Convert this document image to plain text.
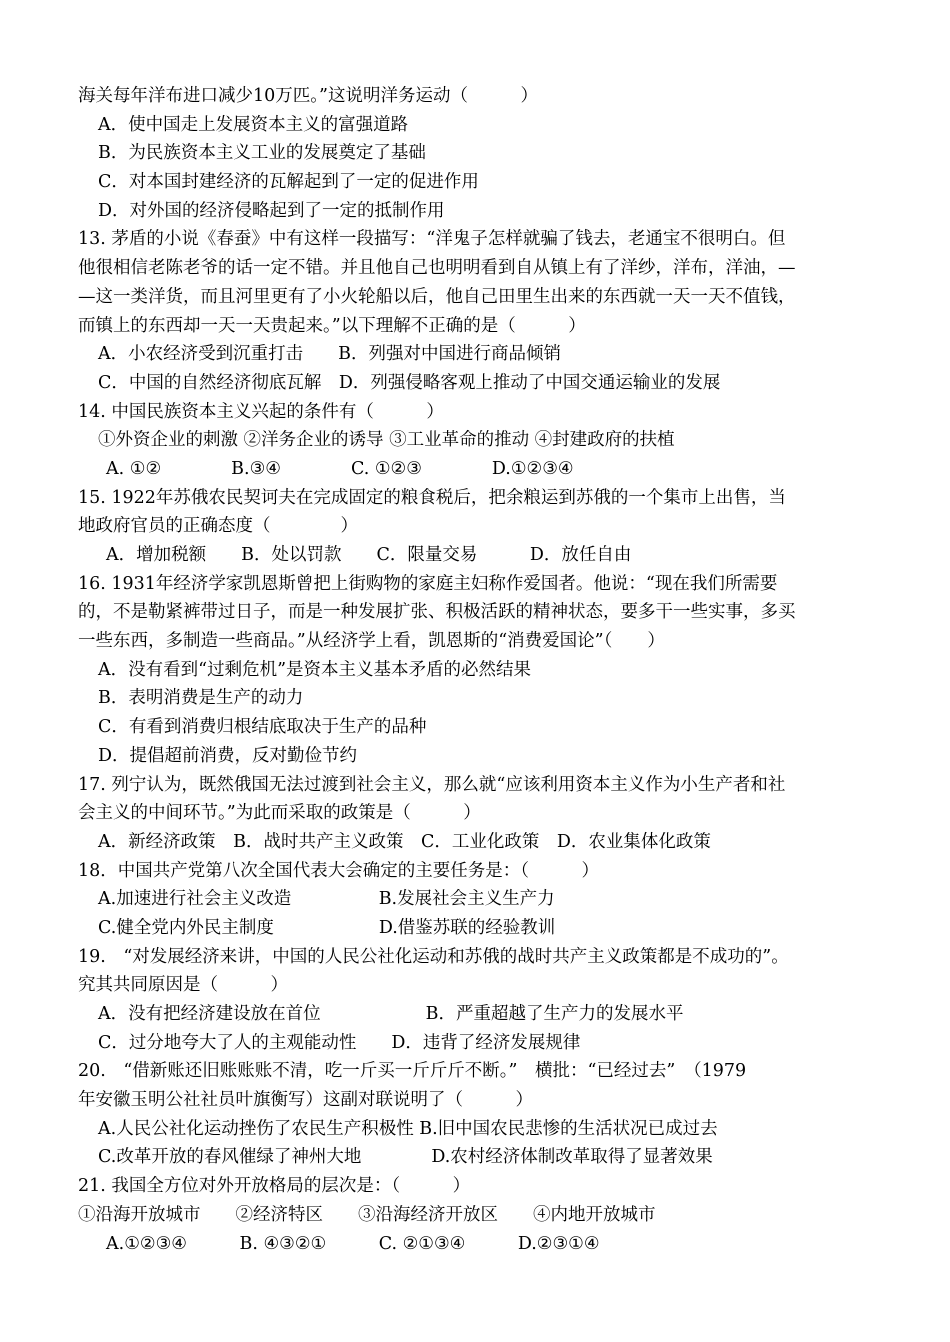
海关每年洋布进口减少10万匹。”这说明洋务运动（　　　）
A．使中国走上发展资本主义的富强道路
B．为民族资本主义工业的发展奠定了基础
C．对本国封建经济的瓦解起到了一定的促进作用
D．对外国的经济侵略起到了一定的抵制作用
13. 茅盾的小说《春蚕》中有这样一段描写：“洋鬼子怎样就骗了钱去，老通宝不很明白。但
他很相信老陈老爷的话一定不错。并且他自己也明明看到自从镇上有了洋纱，洋布，洋油，—
—这一类洋货，而且河里更有了小火轮船以后，他自己田里生出来的东西就一天一天不值钱，
而镇上的东西却一天一天贵起来。”以下理解不正确的是（　　　）
A．小农经济受到沉重打击　　B．列强对中国进行商品倾销
C．中国的自然经济彻底瓦解　D．列强侵略客观上推动了中国交通运输业的发展
14. 中国民族资本主义兴起的条件有（　　　）
①外资企业的刺激 ②洋务企业的诱导 ③工业革命的推动 ④封建政府的扶植
A. ①②　　　　B.③④　　　　C. ①②③　　　　D.①②③④
15. 1922年苏俄农民契诃夫在完成固定的粮食税后，把余粮运到苏俄的一个集市上出售，当
地政府官员的正确态度（　　　　）
A．增加税额　　B．处以罚款　　C．限量交易　　　D．放任自由
16. 1931年经济学家凯恩斯曾把上街购物的家庭主妇称作爱国者。他说：“现在我们所需要
的，不是勒紧裤带过日子，而是一种发展扩张、积极活跃的精神状态，要多干一些实事，多买
一些东西，多制造一些商品。”从经济学上看，凯恩斯的“消费爱国论”（　　）
A．没有看到“过剩危机”是资本主义基本矛盾的必然结果
B．表明消费是生产的动力
C．有看到消费归根结底取决于生产的品种
D．提倡超前消费，反对勤俭节约
17. 列宁认为，既然俄国无法过渡到社会主义，那么就“应该利用资本主义作为小生产者和社
会主义的中间环节。”为此而采取的政策是（　　　）
A．新经济政策　B．战时共产主义政策　C．工业化政策　D．农业集体化政策
18．中国共产党第八次全国代表大会确定的主要任务是：（　　　）
A.加速进行社会主义改造　　　　　B.发展社会主义生产力
C.健全党内外民主制度　　　　　　D.借鉴苏联的经验教训
19.　“对发展经济来讲，中国的人民公社化运动和苏俄的战时共产主义政策都是不成功的”。
究其共同原因是（　　　）
A．没有把经济建设放在首位　　　　　　B．严重超越了生产力的发展水平
C．过分地夸大了人的主观能动性　　D．违背了经济发展规律
20.　“借新账还旧账账账不清，吃一斤买一斤斤斤不断。”　横批：“已经过去”　（1979
年安徽玉明公社社员叶旗衡写）这副对联说明了（　　　）
A.人民公社化运动挫伤了农民生产积极性 B.旧中国农民悲惨的生活状况已成过去
C.改革开放的春风催绿了神州大地　　　　D.农村经济体制改革取得了显著效果
21. 我国全方位对外开放格局的层次是：（　　　）
①沿海开放城市　　②经济特区　　③沿海经济开放区　　④内地开放城市
A.①②③④　　　B. ④③②①　　　C. ②①③④　　　D.②③①④
